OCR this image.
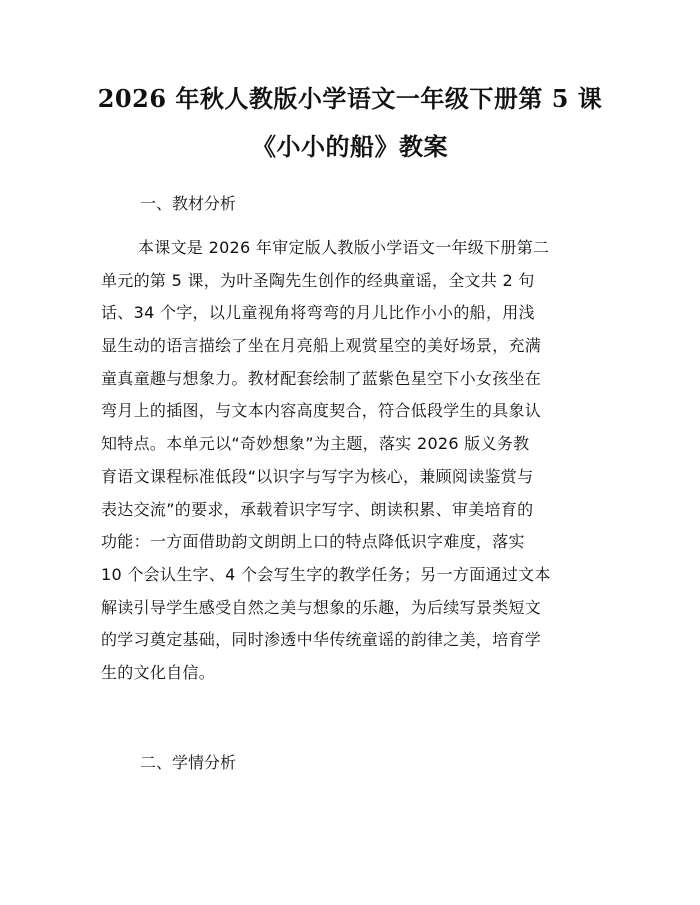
2026 年秋人教版小学语文一年级下册第 5 课
《小小的船》教案
一、教材分析
本课文是 2026 年审定版人教版小学语文一年级下册第二
单元的第 5 课，为叶圣陶先生创作的经典童谣，全文共 2 句
话、34 个字，以儿童视角将弯弯的月儿比作小小的船，用浅
显生动的语言描绘了坐在月亮船上观赏星空的美好场景，充满
童真童趣与想象力。教材配套绘制了蓝紫色星空下小女孩坐在
弯月上的插图，与文本内容高度契合，符合低段学生的具象认
知特点。本单元以“奇妙想象”为主题，落实 2026 版义务教
育语文课程标准低段“以识字与写字为核心，兼顾阅读鉴赏与
表达交流”的要求，承载着识字写字、朗读积累、审美培育的
功能：一方面借助韵文朗朗上口的特点降低识字难度，落实
10 个会认生字、4 个会写生字的教学任务；另一方面通过文本
解读引导学生感受自然之美与想象的乐趣，为后续写景类短文
的学习奠定基础，同时渗透中华传统童谣的韵律之美，培育学
生的文化自信。
二、学情分析
